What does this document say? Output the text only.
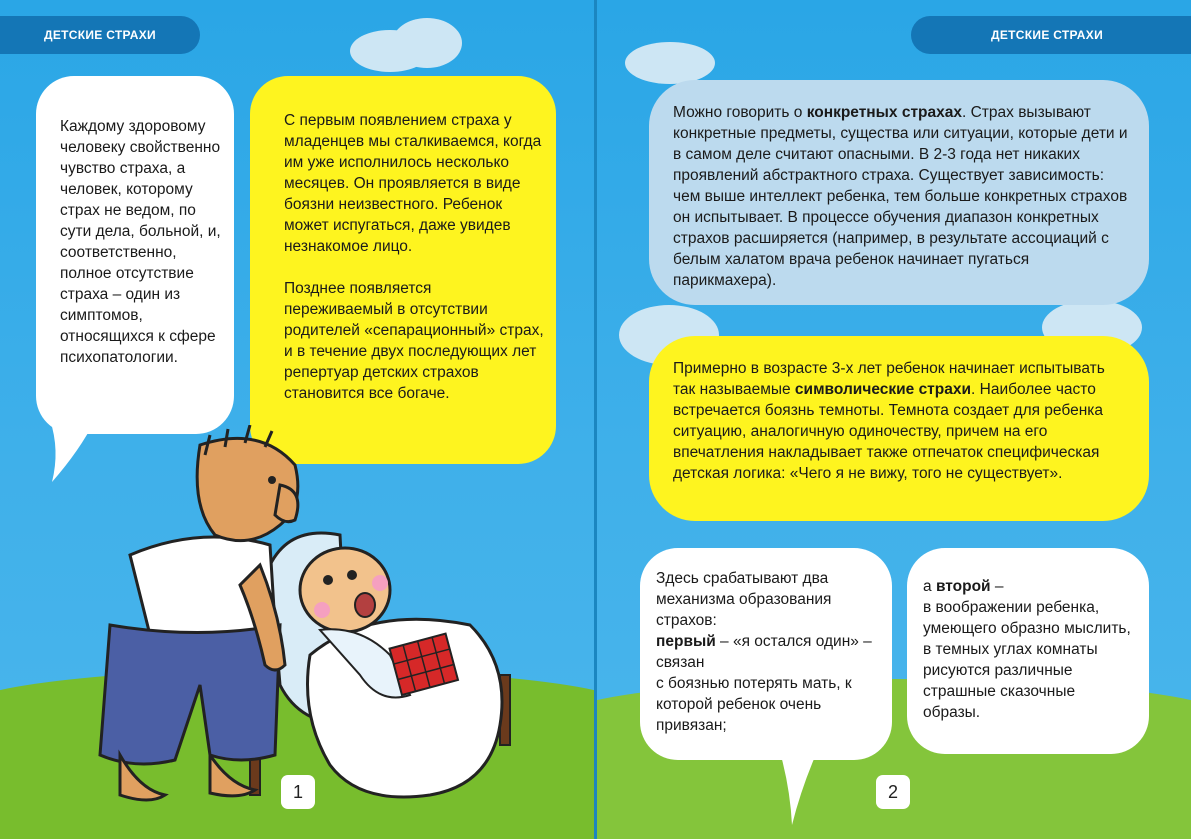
ДЕТСКИЕ СТРАХИ

Каждому здоровому человеку свойственно чувство страха, а человек, которому страх не ведом, по сути дела, больной, и, соответственно, полное отсутствие страха – один из симптомов, относящихся к сфере психопатологии.

С первым появлением страха у младенцев мы сталкиваемся, когда им уже исполнилось несколько месяцев. Он проявляется в виде боязни неизвестного. Ребенок может испугаться, даже увидев незнакомое лицо.

Позднее появляется переживаемый в отсутствии родителей «сепарационный» страх, и в течение двух последующих лет репертуар детских страхов становится все богаче.

1
ДЕТСКИЕ СТРАХИ

Можно говорить о конкретных страхах. Страх вызывают конкретные предметы, существа или ситуации, которые дети и в самом деле считают опасными. В 2-3 года нет никаких проявлений абстрактного страха. Существует зависимость: чем выше интеллект ребенка, тем больше конкретных страхов он испытывает. В процессе обучения диапазон конкретных страхов расширяется (например, в результате ассоциаций с белым халатом врача ребенок начинает пугаться парикмахера).

Примерно в возрасте 3-х лет ребенок начинает испытывать так называемые символические страхи. Наиболее часто встречается боязнь темноты. Темнота создает для ребенка ситуацию, аналогичную одиночеству, причем на его впечатления накладывает также отпечаток специфическая детская логика: «Чего я не вижу, того не существует».

Здесь срабатывают два механизма образования страхов:

первый – «я остался один» – связан

с боязнью потерять мать, к которой ребенок очень привязан;

а второй –

в воображении ребенка, умеющего образно мыслить, в темных углах комнаты рисуются различные страшные сказочные образы.

2
